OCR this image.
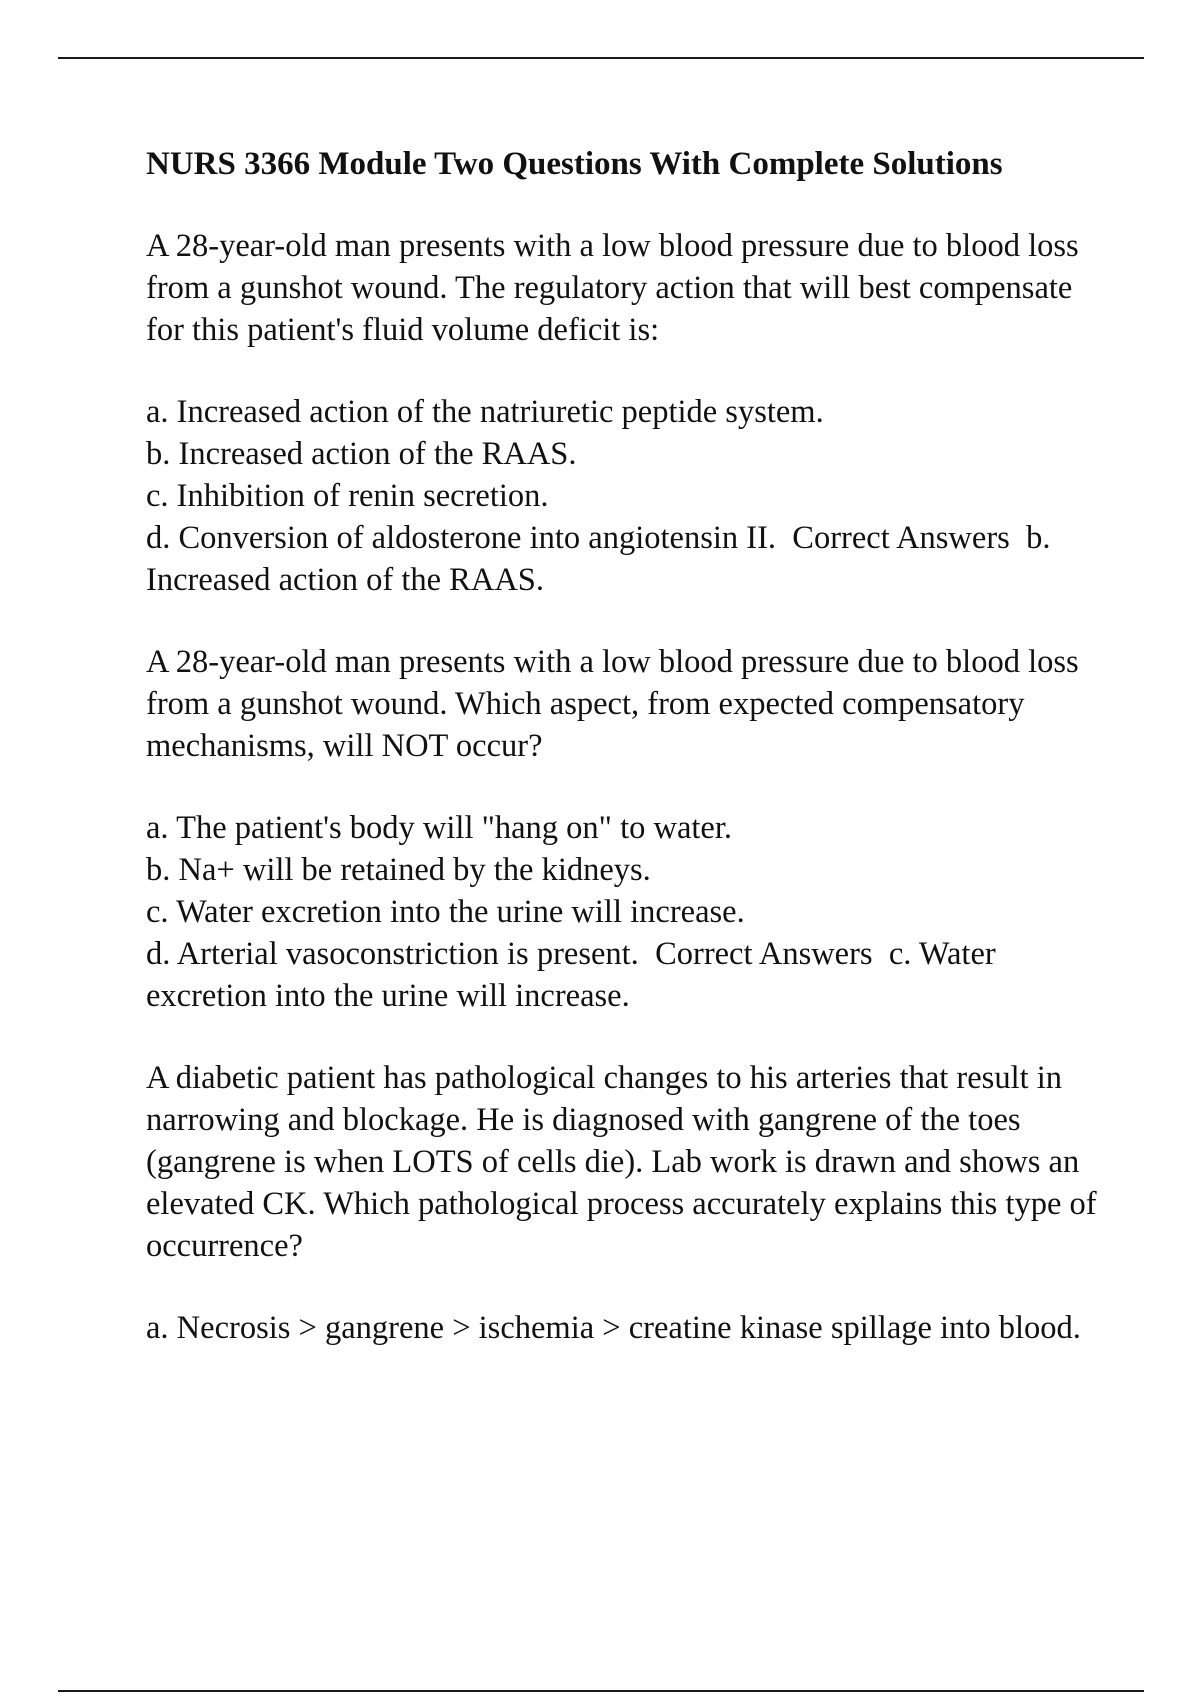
NURS 3366 Module Two Questions With Complete Solutions
A 28-year-old man presents with a low blood pressure due to blood loss from a gunshot wound. The regulatory action that will best compensate for this patient's fluid volume deficit is:
a. Increased action of the natriuretic peptide system.
b. Increased action of the RAAS.
c. Inhibition of renin secretion.
d. Conversion of aldosterone into angiotensin II. Correct Answers b. Increased action of the RAAS.
A 28-year-old man presents with a low blood pressure due to blood loss from a gunshot wound. Which aspect, from expected compensatory mechanisms, will NOT occur?
a. The patient's body will "hang on" to water.
b. Na+ will be retained by the kidneys.
c. Water excretion into the urine will increase.
d. Arterial vasoconstriction is present. Correct Answers c. Water excretion into the urine will increase.
A diabetic patient has pathological changes to his arteries that result in narrowing and blockage. He is diagnosed with gangrene of the toes (gangrene is when LOTS of cells die). Lab work is drawn and shows an elevated CK. Which pathological process accurately explains this type of occurrence?
a. Necrosis > gangrene > ischemia > creatine kinase spillage into blood.
